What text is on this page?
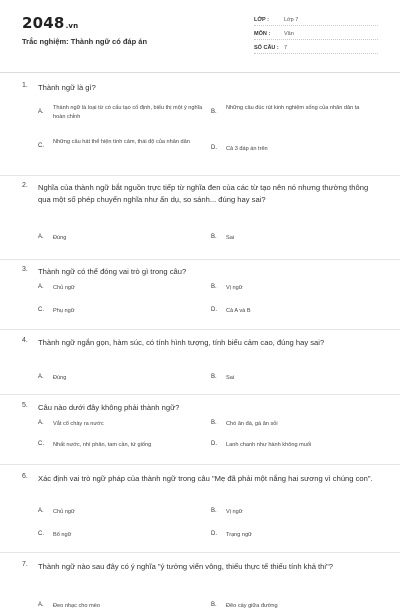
2048.vn
Trắc nghiệm: Thành ngữ có đáp án
LỚP :	Lớp 7
MÔN :	Văn
SỐ CÂU : 7
1. Thành ngữ là gì?
A.
Thành ngữ là loại từ có cấu tạo cố định, biểu thị một ý nghĩa hoàn chỉnh
B.
Những câu đúc rút kinh nghiệm sống của nhân dân ta
C.
Những câu hát thể hiện tình cảm, thái độ của nhân dân
D. Cả 3 đáp án trên
2. Nghĩa của thành ngữ bắt nguồn trực tiếp từ nghĩa đen của các từ tạo nên nó nhưng thường thông qua một số phép chuyển nghĩa như ẩn dụ, so sánh... đúng hay sai?
A. Đúng	B. Sai
3. Thành ngữ có thể đóng vai trò gì trong câu?
A. Chủ ngữ	B. Vị ngữ
C. Phụ ngữ	D. Cả A và B
4. Thành ngữ ngắn gọn, hàm súc, có tính hình tượng, tính biểu cảm cao, đúng hay sai?
A. Đúng	B. Sai
5. Câu nào dưới đây không phải thành ngữ?
A. Vắt cổ chày ra nước	B. Chó ăn đá, gà ăn sỏi
C. Nhất nước, nhì phân, tam cần, tứ giống	D. Lanh chanh như hành không muối
6. Xác định vai trò ngữ pháp của thành ngữ trong câu "Mẹ đã phải một nắng hai sương vì chúng con".
A. Chủ ngữ	B. Vị ngữ
C. Bổ ngữ	D. Trạng ngữ
7. Thành ngữ nào sau đây có ý nghĩa "ý tưởng viển vông, thiếu thực tế thiếu tính khả thi"?
A. Đeo nhạc cho mèo	B. Đẽo cày giữa đường
